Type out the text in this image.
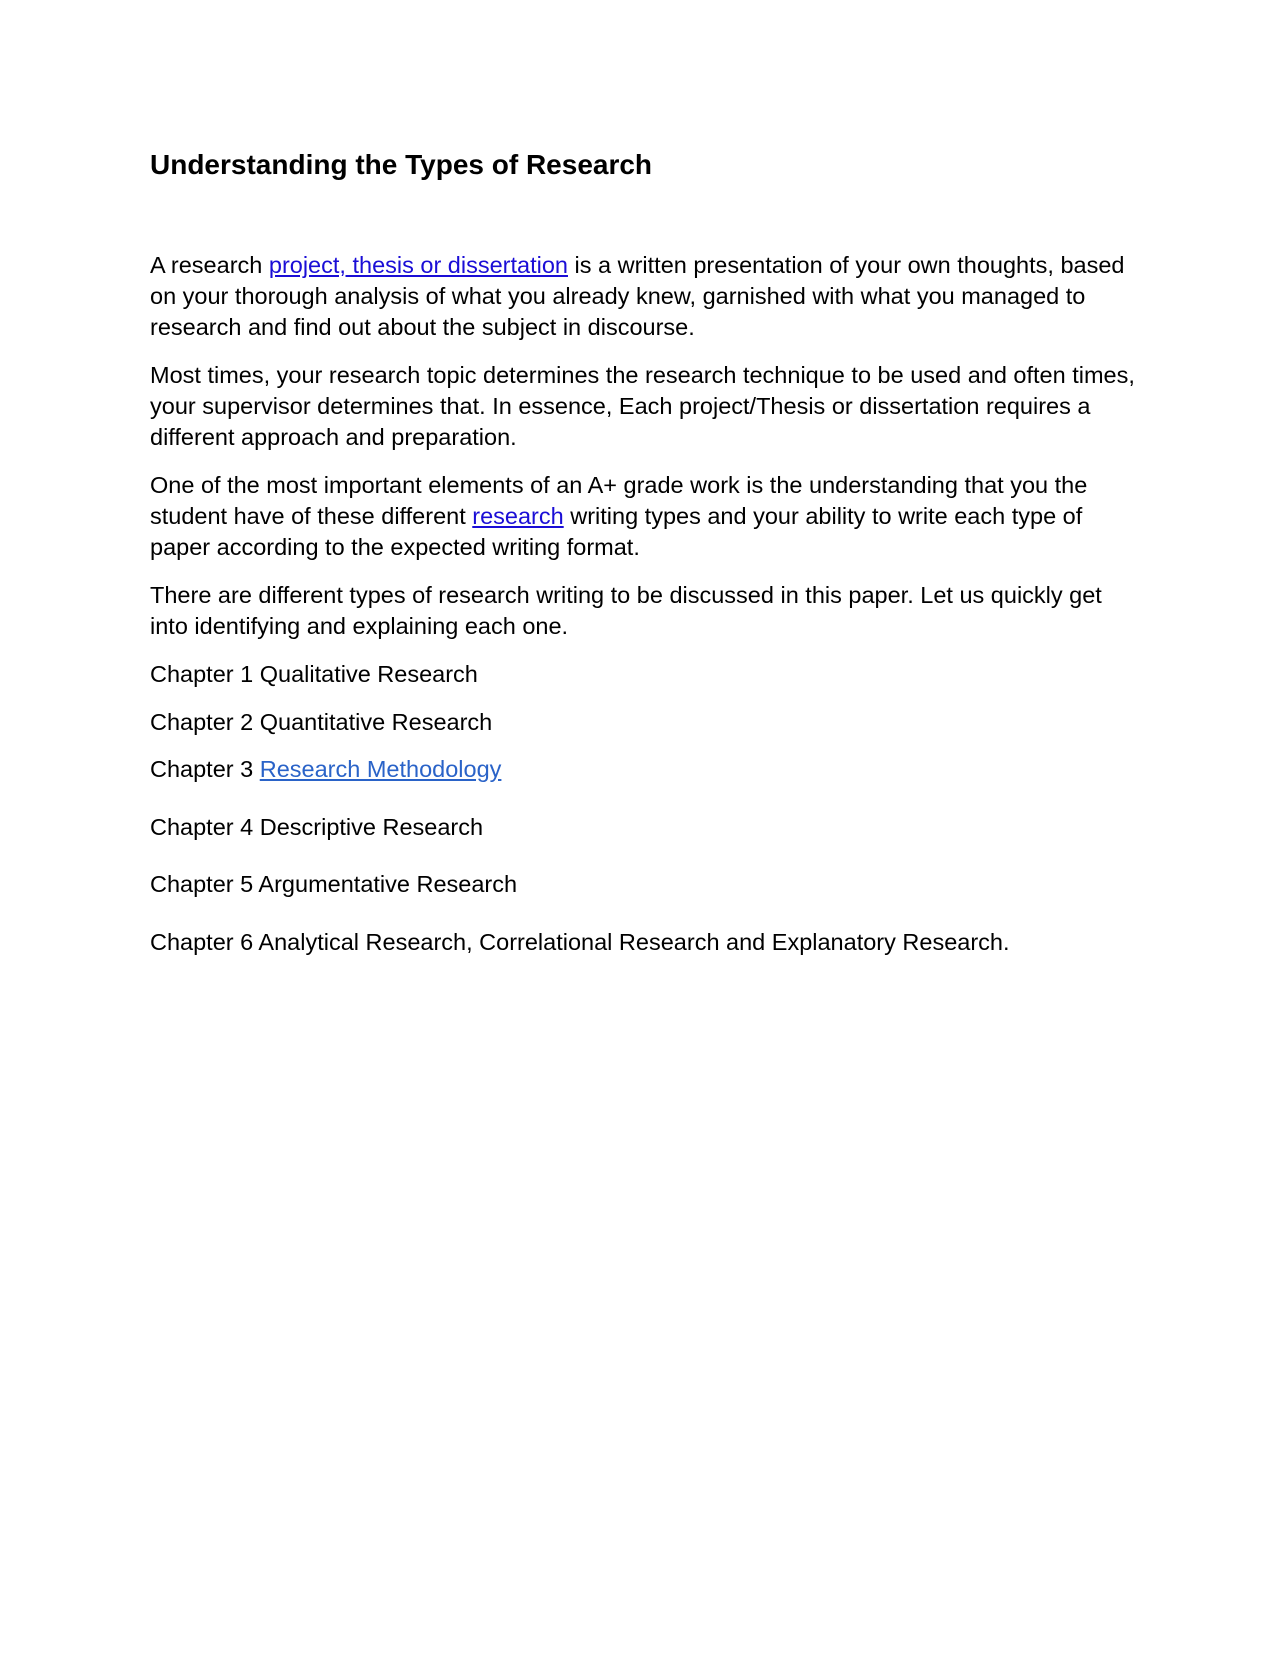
Understanding the Types of Research

A research project, thesis or dissertation is a written presentation of your own thoughts, based on your thorough analysis of what you already knew, garnished with what you managed to research and find out about the subject in discourse.

Most times, your research topic determines the research technique to be used and often times, your supervisor determines that. In essence, Each project/Thesis or dissertation requires a different approach and preparation.

One of the most important elements of an A+ grade work is the understanding that you the student have of these different research writing types and your ability to write each type of paper according to the expected writing format.

There are different types of research writing to be discussed in this paper. Let us quickly get into identifying and explaining each one.

Chapter 1 Qualitative Research

Chapter 2 Quantitative Research

Chapter 3 Research Methodology

Chapter 4 Descriptive Research

Chapter 5 Argumentative Research

Chapter 6 Analytical Research, Correlational Research and Explanatory Research.
